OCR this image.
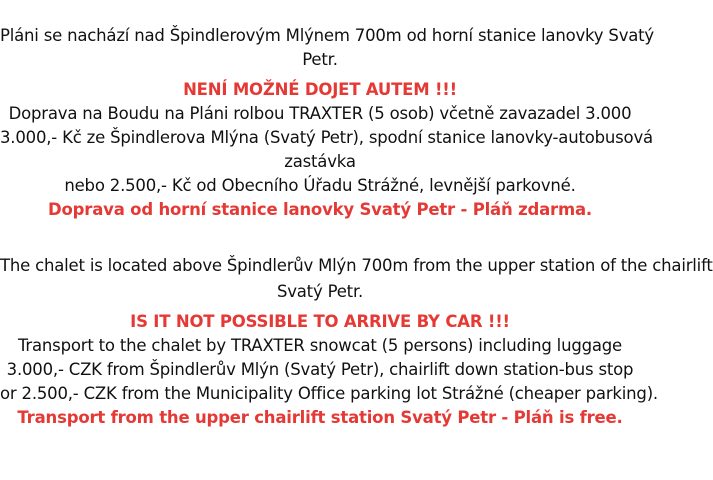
Pláni se nachází nad Špindlerovým Mlýnem 700m od horní stanice lanovky Svatý
Petr.
NENÍ MOŽNÉ DOJET AUTEM !!!
Doprava na Boudu na Pláni rolbou TRAXTER (5 osob) včetně zavazadel 3.000
3.000,- Kč ze Špindlerova Mlýna (Svatý Petr), spodní stanice lanovky-autobusová
zastávka
nebo 2.500,- Kč od Obecního Úřadu Strážné, levnější parkovné.
Doprava od horní stanice lanovky Svatý Petr - Pláň zdarma.
The chalet is located above Špindlerův Mlýn 700m from the upper station of the chairlift
Svatý Petr.
IS IT NOT POSSIBLE TO ARRIVE BY CAR !!!
Transport to the chalet by TRAXTER snowcat (5 persons) including luggage
3.000,- CZK from Špindlerův Mlýn (Svatý Petr), chairlift down station-bus stop
or 2.500,- CZK from the Municipality Office parking lot Strážné (cheaper parking).
Transport from the upper chairlift station Svatý Petr - Pláň is free.
